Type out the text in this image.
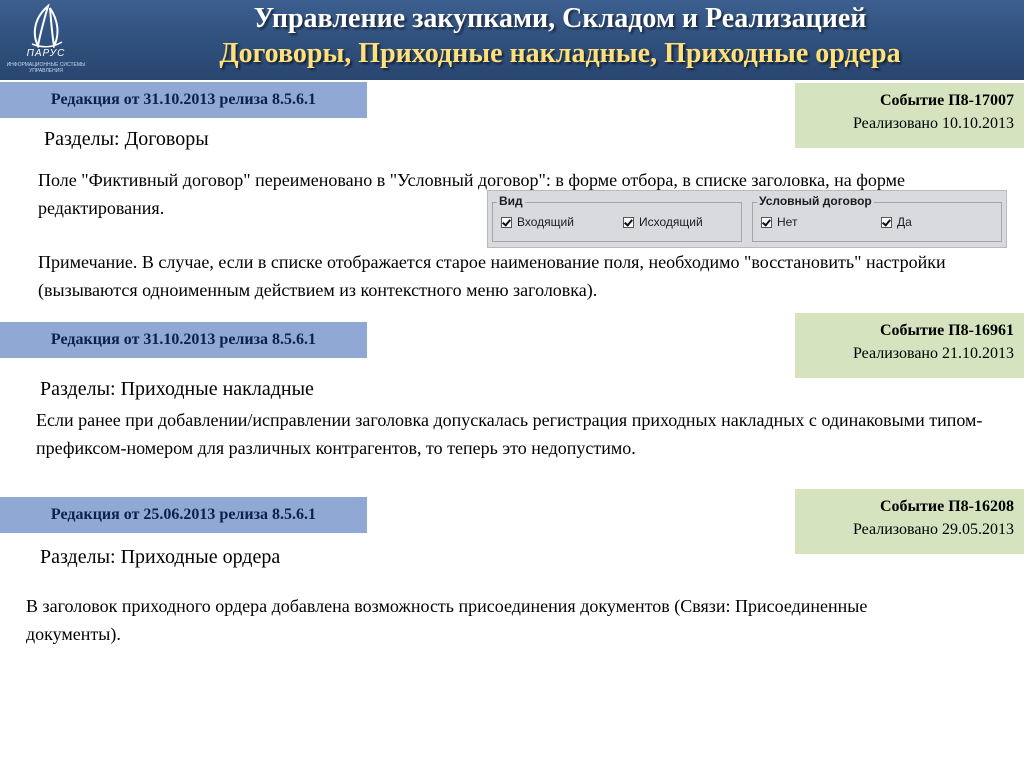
ПАРУС
ИНФОРМАЦИОННЫЕ СИСТЕМЫ УПРАВЛЕНИЯ
Управление закупками, Складом и Реализацией
Договоры, Приходные накладные, Приходные ордера
Редакция от 31.10.2013 релиза 8.5.6.1	Событие П8-17007
Реализовано 10.10.2013
Разделы: Договоры
Поле "Фиктивный договор" переименовано в "Условный договор": в форме отбора, в списке заголовка, на форме редактирования.	Вид
Входящий	Исходящий
Условный договор
Нет	Да
Примечание. В случае, если в списке отображается старое наименование поля, необходимо "восстановить" настройки (вызываются одноименным действием из контекстного меню заголовка).
Редакция от 31.10.2013 релиза 8.5.6.1
Событие П8-16961
Реализовано 21.10.2013
Разделы: Приходные накладные
Если ранее при добавлении/исправлении заголовка допускалась регистрация приходных накладных с одинаковыми типом-префиксом-номером для различных контрагентов, то теперь это недопустимо.
Редакция от 25.06.2013 релиза 8.5.6.1	Событие П8-16208
Реализовано 29.05.2013
Разделы: Приходные ордера
В заголовок приходного ордера добавлена возможность присоединения документов (Связи: Присоединенные документы).
